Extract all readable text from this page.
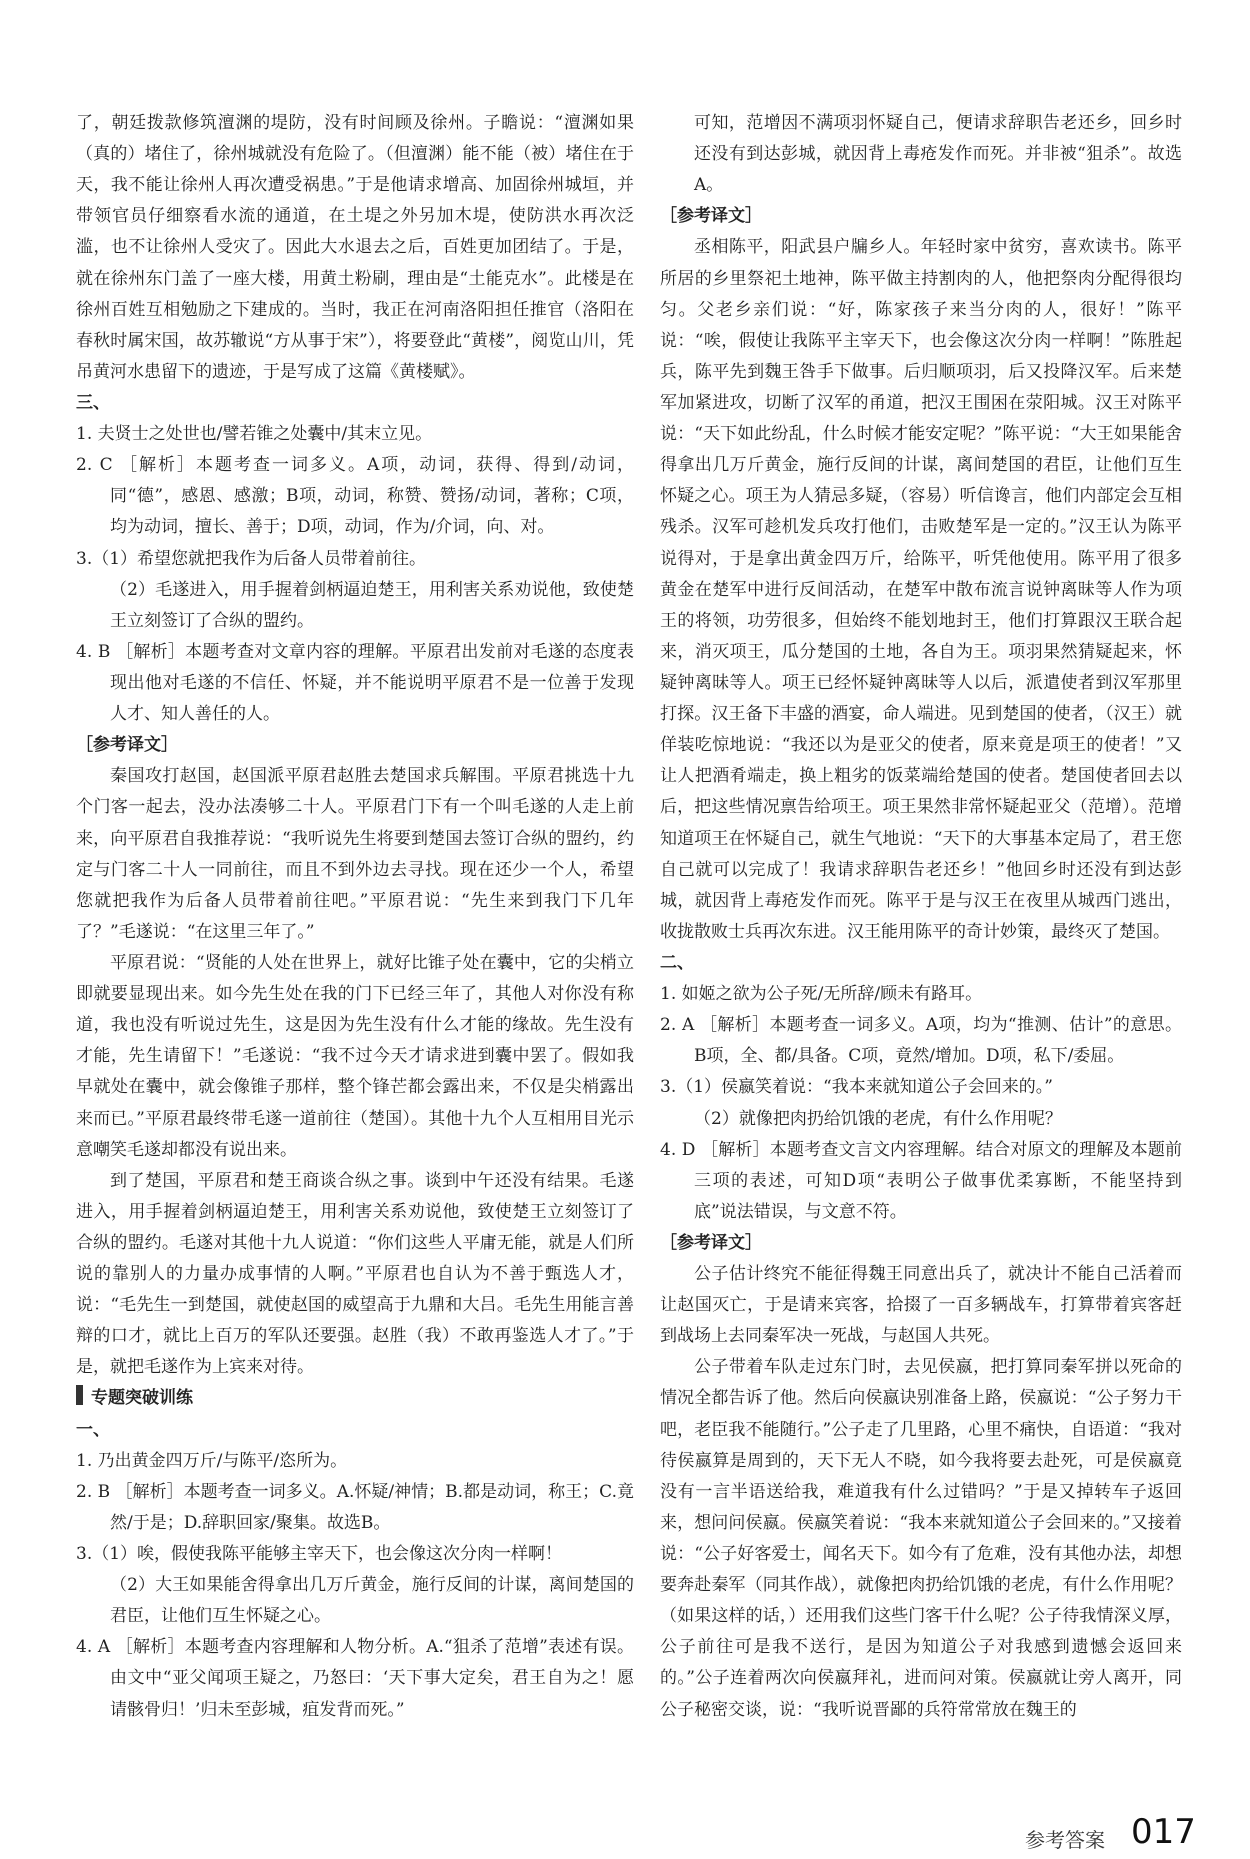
了，朝廷拨款修筑澶渊的堤防，没有时间顾及徐州。子瞻说：“澶渊如果（真的）堵住了，徐州城就没有危险了。（但澶渊）能不能（被）堵住在于天，我不能让徐州人再次遭受祸患。”于是他请求增高、加固徐州城垣，并带领官员仔细察看水流的通道，在土堤之外另加木堤，使防洪水再次泛滥，也不让徐州人受灾了。因此大水退去之后，百姓更加团结了。于是，就在徐州东门盖了一座大楼，用黄土粉刷，理由是“土能克水”。此楼是在徐州百姓互相勉励之下建成的。当时，我正在河南洛阳担任推官（洛阳在春秋时属宋国，故苏辙说“方从事于宋”），将要登此“黄楼”，阅览山川，凭吊黄河水患留下的遗迹，于是写成了这篇《黄楼赋》。

三、

1. 夫贤士之处世也/譬若锥之处囊中/其末立见。

2. C ［解析］本题考查一词多义。A项，动词，获得、得到/动词，同“德”，感恩、感激；B项，动词，称赞、赞扬/动词，著称；C项，均为动词，擅长、善于；D项，动词，作为/介词，向、对。

3.（1）希望您就把我作为后备人员带着前往。

（2）毛遂进入，用手握着剑柄逼迫楚王，用利害关系劝说他，致使楚王立刻签订了合纵的盟约。

4. B ［解析］本题考查对文章内容的理解。平原君出发前对毛遂的态度表现出他对毛遂的不信任、怀疑，并不能说明平原君不是一位善于发现人才、知人善任的人。

［参考译文］

秦国攻打赵国，赵国派平原君赵胜去楚国求兵解围。平原君挑选十九个门客一起去，没办法凑够二十人。平原君门下有一个叫毛遂的人走上前来，向平原君自我推荐说：“我听说先生将要到楚国去签订合纵的盟约，约定与门客二十人一同前往，而且不到外边去寻找。现在还少一个人，希望您就把我作为后备人员带着前往吧。”平原君说：“先生来到我门下几年了？”毛遂说：“在这里三年了。”

平原君说：“贤能的人处在世界上，就好比锥子处在囊中，它的尖梢立即就要显现出来。如今先生处在我的门下已经三年了，其他人对你没有称道，我也没有听说过先生，这是因为先生没有什么才能的缘故。先生没有才能，先生请留下！”毛遂说：“我不过今天才请求进到囊中罢了。假如我早就处在囊中，就会像锥子那样，整个锋芒都会露出来，不仅是尖梢露出来而已。”平原君最终带毛遂一道前往（楚国）。其他十九个人互相用目光示意嘲笑毛遂却都没有说出来。

到了楚国，平原君和楚王商谈合纵之事。谈到中午还没有结果。毛遂进入，用手握着剑柄逼迫楚王，用利害关系劝说他，致使楚王立刻签订了合纵的盟约。毛遂对其他十九人说道：“你们这些人平庸无能，就是人们所说的靠别人的力量办成事情的人啊。”平原君也自认为不善于甄选人才，说：“毛先生一到楚国，就使赵国的威望高于九鼎和大吕。毛先生用能言善辩的口才，就比上百万的军队还要强。赵胜（我）不敢再鉴选人才了。”于是，就把毛遂作为上宾来对待。

专题突破训练

一、

1. 乃出黄金四万斤/与陈平/恣所为。

2. B ［解析］本题考查一词多义。A.怀疑/神情；B.都是动词，称王；C.竟然/于是；D.辞职回家/聚集。故选B。

3.（1）唉，假使我陈平能够主宰天下，也会像这次分肉一样啊！

（2）大王如果能舍得拿出几万斤黄金，施行反间的计谋，离间楚国的君臣，让他们互生怀疑之心。

4. A ［解析］本题考查内容理解和人物分析。A.“狙杀了范增”表述有误。由文中“亚父闻项王疑之，乃怒曰：‘天下事大定矣，君王自为之！愿请骸骨归！’归未至彭城，疽发背而死。”

可知，范增因不满项羽怀疑自己，便请求辞职告老还乡，回乡时还没有到达彭城，就因背上毒疮发作而死。并非被“狙杀”。故选A。

［参考译文］

丞相陈平，阳武县户牖乡人。年轻时家中贫穷，喜欢读书。陈平所居的乡里祭祀土地神，陈平做主持割肉的人，他把祭肉分配得很均匀。父老乡亲们说：“好，陈家孩子来当分肉的人，很好！”陈平说：“唉，假使让我陈平主宰天下，也会像这次分肉一样啊！”陈胜起兵，陈平先到魏王咎手下做事。后归顺项羽，后又投降汉军。后来楚军加紧进攻，切断了汉军的甬道，把汉王围困在荥阳城。汉王对陈平说：“天下如此纷乱，什么时候才能安定呢？”陈平说：“大王如果能舍得拿出几万斤黄金，施行反间的计谋，离间楚国的君臣，让他们互生怀疑之心。项王为人猜忌多疑，（容易）听信谗言，他们内部定会互相残杀。汉军可趁机发兵攻打他们，击败楚军是一定的。”汉王认为陈平说得对，于是拿出黄金四万斤，给陈平，听凭他使用。陈平用了很多黄金在楚军中进行反间活动，在楚军中散布流言说钟离昧等人作为项王的将领，功劳很多，但始终不能划地封王，他们打算跟汉王联合起来，消灭项王，瓜分楚国的土地，各自为王。项羽果然猜疑起来，怀疑钟离昧等人。项王已经怀疑钟离昧等人以后，派遣使者到汉军那里打探。汉王备下丰盛的酒宴，命人端进。见到楚国的使者，（汉王）就佯装吃惊地说：“我还以为是亚父的使者，原来竟是项王的使者！”又让人把酒肴端走，换上粗劣的饭菜端给楚国的使者。楚国使者回去以后，把这些情况禀告给项王。项王果然非常怀疑起亚父（范增）。范增知道项王在怀疑自己，就生气地说：“天下的大事基本定局了，君王您自己就可以完成了！我请求辞职告老还乡！”他回乡时还没有到达彭城，就因背上毒疮发作而死。陈平于是与汉王在夜里从城西门逃出，收拢散败士兵再次东进。汉王能用陈平的奇计妙策，最终灭了楚国。

二、

1. 如姬之欲为公子死/无所辞/顾未有路耳。

2. A ［解析］本题考查一词多义。A项，均为“推测、估计”的意思。B项，全、都/具备。C项，竟然/增加。D项，私下/委屈。

3.（1）侯嬴笑着说：“我本来就知道公子会回来的。”

（2）就像把肉扔给饥饿的老虎，有什么作用呢？

4. D ［解析］本题考查文言文内容理解。结合对原文的理解及本题前三项的表述，可知D项“表明公子做事优柔寡断，不能坚持到底”说法错误，与文意不符。

［参考译文］

公子估计终究不能征得魏王同意出兵了，就决计不能自己活着而让赵国灭亡，于是请来宾客，拾掇了一百多辆战车，打算带着宾客赶到战场上去同秦军决一死战，与赵国人共死。

公子带着车队走过东门时，去见侯嬴，把打算同秦军拼以死命的情况全都告诉了他。然后向侯嬴诀别准备上路，侯嬴说：“公子努力干吧，老臣我不能随行。”公子走了几里路，心里不痛快，自语道：“我对待侯嬴算是周到的，天下无人不晓，如今我将要去赴死，可是侯嬴竟没有一言半语送给我，难道我有什么过错吗？”于是又掉转车子返回来，想问问侯嬴。侯嬴笑着说：“我本来就知道公子会回来的。”又接着说：“公子好客爱士，闻名天下。如今有了危难，没有其他办法，却想要奔赴秦军（同其作战），就像把肉扔给饥饿的老虎，有什么作用呢？（如果这样的话，）还用我们这些门客干什么呢？公子待我情深义厚，公子前往可是我不送行，是因为知道公子对我感到遗憾会返回来的。”公子连着两次向侯嬴拜礼，进而问对策。侯嬴就让旁人离开，同公子秘密交谈，说：“我听说晋鄙的兵符常常放在魏王的

参考答案 017
